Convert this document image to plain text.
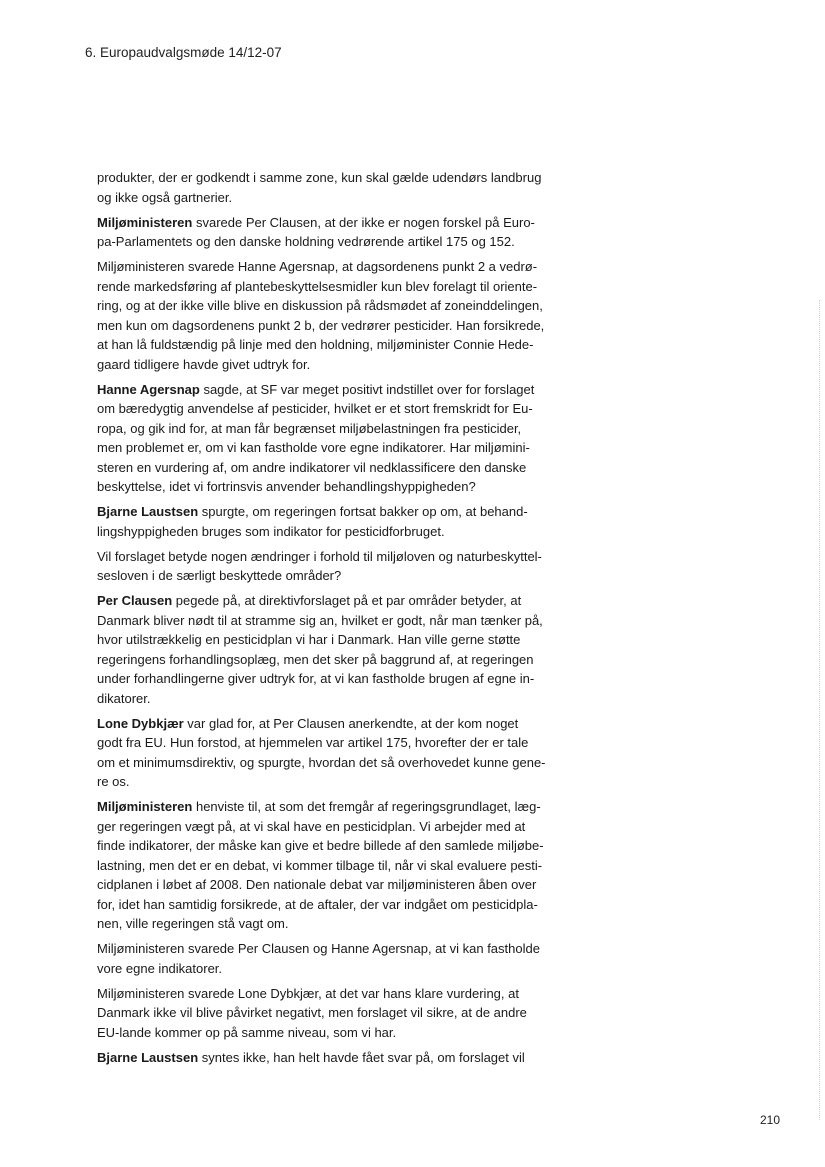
6. Europaudvalgsmøde 14/12-07

produkter, der er godkendt i samme zone, kun skal gælde udendørs landbrug
og ikke også gartnerier.

Miljøministeren svarede Per Clausen, at der ikke er nogen forskel på Euro-
pa-Parlamentets og den danske holdning vedrørende artikel 175 og 152.

Miljøministeren svarede Hanne Agersnap, at dagsordenens punkt 2 a vedrø-
rende markedsføring af plantebeskyttelsesmidler kun blev forelagt til oriente-
ring, og at der ikke ville blive en diskussion på rådsmødet af zoneinddelingen,
men kun om dagsordenens punkt 2 b, der vedrører pesticider. Han forsikrede,
at han lå fuldstændig på linje med den holdning, miljøminister Connie Hede-
gaard tidligere havde givet udtryk for.

Hanne Agersnap sagde, at SF var meget positivt indstillet over for forslaget
om bæredygtig anvendelse af pesticider, hvilket er et stort fremskridt for Eu-
ropa, og gik ind for, at man får begrænset miljøbelastningen fra pesticider,
men problemet er, om vi kan fastholde vore egne indikatorer. Har miljømini-
steren en vurdering af, om andre indikatorer vil nedklassificere den danske
beskyttelse, idet vi fortrinsvis anvender behandlingshyppigheden?

Bjarne Laustsen spurgte, om regeringen fortsat bakker op om, at behand-
lingshyppigheden bruges som indikator for pesticidforbruget.

Vil forslaget betyde nogen ændringer i forhold til miljøloven og naturbeskyttel-
sesloven i de særligt beskyttede områder?

Per Clausen pegede på, at direktivforslaget på et par områder betyder, at
Danmark bliver nødt til at stramme sig an, hvilket er godt, når man tænker på,
hvor utilstrækkelig en pesticidplan vi har i Danmark. Han ville gerne støtte
regeringens forhandlingsoplæg, men det sker på baggrund af, at regeringen
under forhandlingerne giver udtryk for, at vi kan fastholde brugen af egne in-
dikatorer.

Lone Dybkjær var glad for, at Per Clausen anerkendte, at der kom noget
godt fra EU. Hun forstod, at hjemmelen var artikel 175, hvorefter der er tale
om et minimumsdirektiv, og spurgte, hvordan det så overhovedet kunne gene-
re os.

Miljøministeren henviste til, at som det fremgår af regeringsgrundlaget, læg-
ger regeringen vægt på, at vi skal have en pesticidplan. Vi arbejder med at
finde indikatorer, der måske kan give et bedre billede af den samlede miljøbe-
lastning, men det er en debat, vi kommer tilbage til, når vi skal evaluere pesti-
cidplanen i løbet af 2008. Den nationale debat var miljøministeren åben over
for, idet han samtidig forsikrede, at de aftaler, der var indgået om pesticidpla-
nen, ville regeringen stå vagt om.

Miljøministeren svarede Per Clausen og Hanne Agersnap, at vi kan fastholde
vore egne indikatorer.

Miljøministeren svarede Lone Dybkjær, at det var hans klare vurdering, at
Danmark ikke vil blive påvirket negativt, men forslaget vil sikre, at de andre
EU-lande kommer op på samme niveau, som vi har.

Bjarne Laustsen syntes ikke, han helt havde fået svar på, om forslaget vil

210
